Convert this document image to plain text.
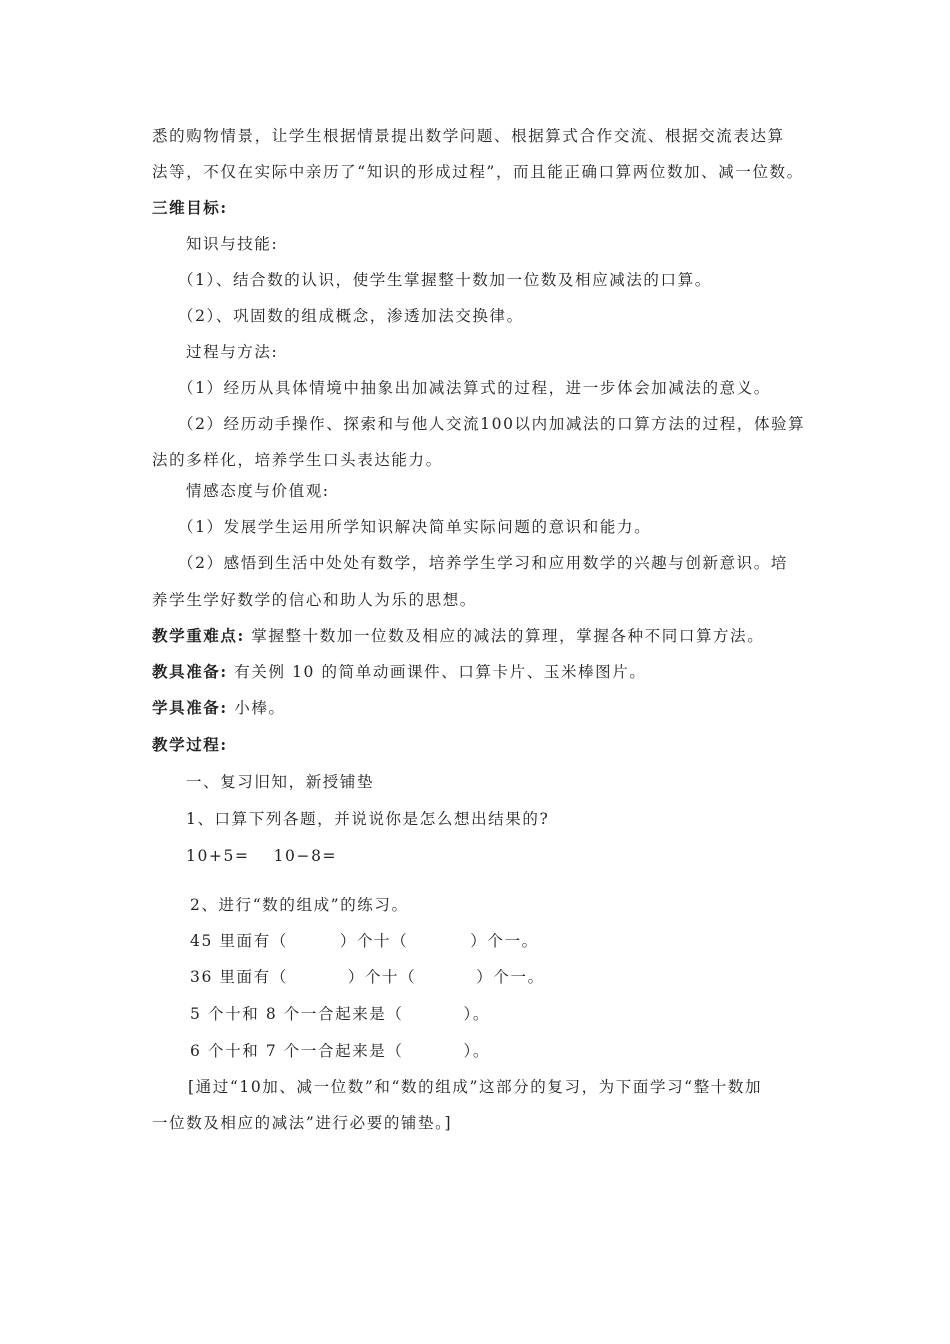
悉的购物情景，让学生根据情景提出数学问题、根据算式合作交流、根据交流表达算
法等，不仅在实际中亲历了“知识的形成过程”，而且能正确口算两位数加、减一位数。
三维目标:
知识与技能:
（1）、结合数的认识，使学生掌握整十数加一位数及相应减法的口算。
（2）、巩固数的组成概念，渗透加法交换律。
过程与方法:
（1）经历从具体情境中抽象出加减法算式的过程，进一步体会加减法的意义。
（2）经历动手操作、探索和与他人交流100以内加减法的口算方法的过程，体验算
法的多样化，培养学生口头表达能力。
情感态度与价值观:
（1）发展学生运用所学知识解决简单实际问题的意识和能力。
（2）感悟到生活中处处有数学，培养学生学习和应用数学的兴趣与创新意识。培
养学生学好数学的信心和助人为乐的思想。
教学重难点: 掌握整十数加一位数及相应的减法的算理，掌握各种不同口算方法。
教具准备: 有关例 10 的简单动画课件、口算卡片、玉米棒图片。
学具准备: 小棒。
教学过程:
一、复习旧知，新授铺垫
1、口算下列各题，并说说你是怎么想出结果的?
10+5= 10−8=
2、进行“数的组成”的练习。
45 里面有（	）个十（	）个一。
36 里面有（	）个十（	）个一。
5 个十和 8 个一合起来是（	）。
6 个十和 7 个一合起来是（	）。
[通过“10加、减一位数”和“数的组成”这部分的复习，为下面学习“整十数加
一位数及相应的减法”进行必要的铺垫。]
